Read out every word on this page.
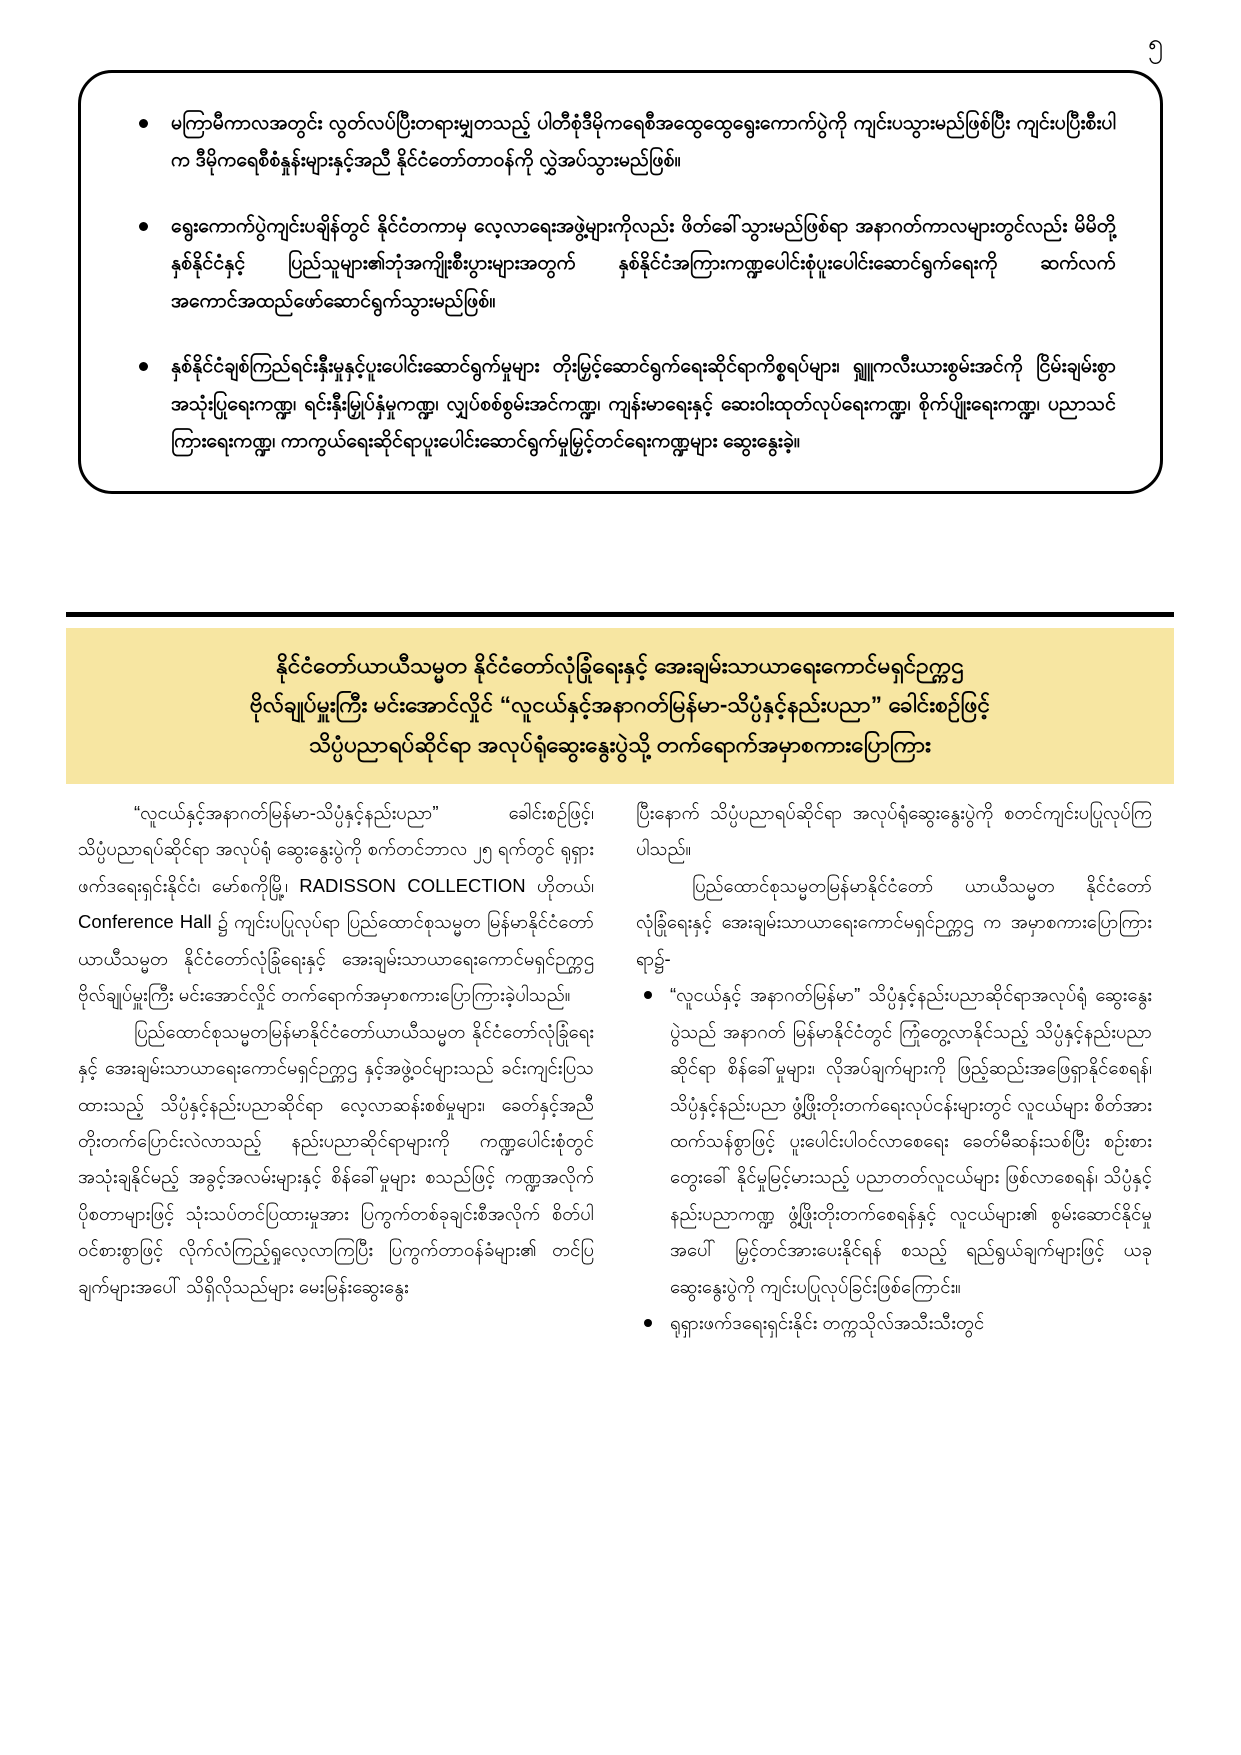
၅
မကြာမီကာလအတွင်း လွတ်လပ်ပြီးတရားမျှတသည့် ပါတီစုံဒီမိုကရေစီအထွေထွေရွေးကောက်ပွဲကို ကျင်းပသွားမည်ဖြစ်ပြီး ကျင်းပပြီးစီးပါက ဒီမိုကရေစီစံနှုန်းများနှင့်အညီ နိုင်ငံတော်တာဝန်ကို လွှဲအပ်သွားမည်ဖြစ်။
ရွေးကောက်ပွဲကျင်းပချိန်တွင် နိုင်ငံတကာမှ လေ့လာရေးအဖွဲ့များကိုလည်း ဖိတ်ခေါ်သွားမည်ဖြစ်ရာ အနာဂတ်ကာလများတွင်လည်း မိမိတို့နှစ်နိုင်ငံနှင့် ပြည်သူများ၏ဘုံအကျိုးစီးပွားများအတွက် နှစ်နိုင်ငံအကြားကဏ္ဍပေါင်းစုံပူးပေါင်းဆောင်ရွက်ရေးကို ဆက်လက်အကောင်အထည်ဖော်ဆောင်ရွက်သွားမည်ဖြစ်။
နှစ်နိုင်ငံချစ်ကြည်ရင်းနှီးမှုနှင့်ပူးပေါင်းဆောင်ရွက်မှုများ တိုးမြှင့်ဆောင်ရွက်ရေးဆိုင်ရာကိစ္စရပ်များ၊ ရျှူကလီးယားစွမ်းအင်ကို ငြိမ်းချမ်းစွာအသုံးပြုရေးကဏ္ဍ၊ ရင်းနှီးမြှုပ်နှံမှုကဏ္ဍ၊ လျှပ်စစ်စွမ်းအင်ကဏ္ဍ၊ ကျန်းမာရေးနှင့် ဆေးဝါးထုတ်လုပ်ရေးကဏ္ဍ၊ စိုက်ပျိုးရေးကဏ္ဍ၊ ပညာသင်ကြားရေးကဏ္ဍ၊ ကာကွယ်ရေးဆိုင်ရာပူးပေါင်းဆောင်ရွက်မှုမြှင့်တင်ရေးကဏ္ဍများ ဆွေးနွေးခဲ့။
နိုင်ငံတော်ယာယီသမ္မတ နိုင်ငံတော်လုံခြုံရေးနှင့် အေးချမ်းသာယာရေးကောင်မရှင်ဉက္ကဌ
ဗိုလ်ချုပ်မှူးကြီး မင်းအောင်လှိုင် “လူငယ်နှင့်အနာဂတ်မြန်မာ-သိပ္ပံနှင့်နည်းပညာ” ခေါင်းစဉ်ဖြင့်
သိပ္ပံပညာရပ်ဆိုင်ရာ အလုပ်ရုံဆွေးနွေးပွဲသို့ တက်ရောက်အမှာစကားပြောကြား

“လူငယ်နှင့်အနာဂတ်မြန်မာ-သိပ္ပံနှင့်နည်းပညာ” ခေါင်းစဉ်ဖြင့်၊ သိပ္ပံပညာရပ်ဆိုင်ရာ အလုပ်ရုံ ဆွေးနွေးပွဲကို စက်တင်ဘာလ ၂၅ ရက်တွင် ရုရှားဖက်ဒရေးရှင်းနိုင်ငံ၊ မော်စကိုမြို့၊ RADISSON COLLECTION ဟိုတယ်၊ Conference Hall ၌ ကျင်းပပြုလုပ်ရာ ပြည်ထောင်စုသမ္မတ မြန်မာနိုင်ငံတော် ယာယီသမ္မတ နိုင်ငံတော်လုံခြုံရေးနှင့် အေးချမ်းသာယာရေးကောင်မရှင်ဉက္ကဌ ဗိုလ်ချုပ်မှူးကြီး မင်းအောင်လှိုင် တက်ရောက်အမှာစကားပြောကြားခဲ့ပါသည်။

ပြည်ထောင်စုသမ္မတမြန်မာနိုင်ငံတော်ယာယီသမ္မတ နိုင်ငံတော်လုံခြုံရေးနှင့် အေးချမ်းသာယာရေးကောင်မရှင်ဉက္ကဌ နှင့်အဖွဲ့ဝင်များသည် ခင်းကျင်းပြသထားသည့် သိပ္ပံနှင့်နည်းပညာဆိုင်ရာ လေ့လာဆန်းစစ်မှုများ၊ ခေတ်နှင့်အညီ တိုးတက်ပြောင်းလဲလာသည့် နည်းပညာဆိုင်ရာများကို ကဏ္ဍပေါင်းစုံတွင် အသုံးချနိုင်မည့် အခွင့်အလမ်းများနှင့် စိန်ခေါ်မှုများ စသည်ဖြင့် ကဏ္ဍအလိုက် ပိုစတာများဖြင့် သုံးသပ်တင်ပြထားမှုအား ပြကွက်တစ်ခုချင်းစီအလိုက် စိတ်ပါဝင်စားစွာဖြင့် လိုက်လံကြည့်ရှုလေ့လာကြပြီး ပြကွက်တာဝန်ခံများ၏ တင်ပြချက်များအပေါ် သိရှိလိုသည်များ မေးမြန်းဆွေးနွေး

ပြီးနောက် သိပ္ပံပညာရပ်ဆိုင်ရာ အလုပ်ရုံဆွေးနွေးပွဲကို စတင်ကျင်းပပြုလုပ်ကြပါသည်။

ပြည်ထောင်စုသမ္မတမြန်မာနိုင်ငံတော် ယာယီသမ္မတ နိုင်ငံတော်လုံခြုံရေးနှင့် အေးချမ်းသာယာရေးကောင်မရှင်ဉက္ကဌ က အမှာစကားပြောကြားရာ၌-

“လူငယ်နှင့် အနာဂတ်မြန်မာ” သိပ္ပံနှင့်နည်းပညာဆိုင်ရာအလုပ်ရုံ ဆွေးနွေးပွဲသည် အနာဂတ် မြန်မာနိုင်ငံတွင် ကြုံတွေ့လာနိုင်သည့် သိပ္ပံနှင့်နည်းပညာဆိုင်ရာ စိန်ခေါ်မှုများ၊ လိုအပ်ချက်များကို ဖြည့်ဆည်းအဖြေရှာနိုင်စေရန်၊ သိပ္ပံနှင့်နည်းပညာ ဖွံ့ဖြိုးတိုးတက်ရေးလုပ်ငန်းများတွင် လူငယ်များ စိတ်အားထက်သန်စွာဖြင့် ပူးပေါင်းပါဝင်လာစေရေး ခေတ်မီဆန်းသစ်ပြီး စဉ်းစားတွေးခေါ် နိုင်မှုမြင့်မားသည့် ပညာတတ်လူငယ်များ ဖြစ်လာစေရန်၊ သိပ္ပံနှင့် နည်းပညာကဏ္ဍ ဖွံ့ဖြိုးတိုးတက်စေရန်နှင့် လူငယ်များ၏ စွမ်းဆောင်နိုင်မှုအပေါ် မြှင့်တင်အားပေးနိုင်ရန် စသည့် ရည်ရွယ်ချက်များဖြင့် ယခုဆွေးနွေးပွဲကို ကျင်းပပြုလုပ်ခြင်းဖြစ်ကြောင်း။
ရုရှားဖက်ဒရေးရှင်းနိုင်း တက္ကသိုလ်အသီးသီးတွင်
